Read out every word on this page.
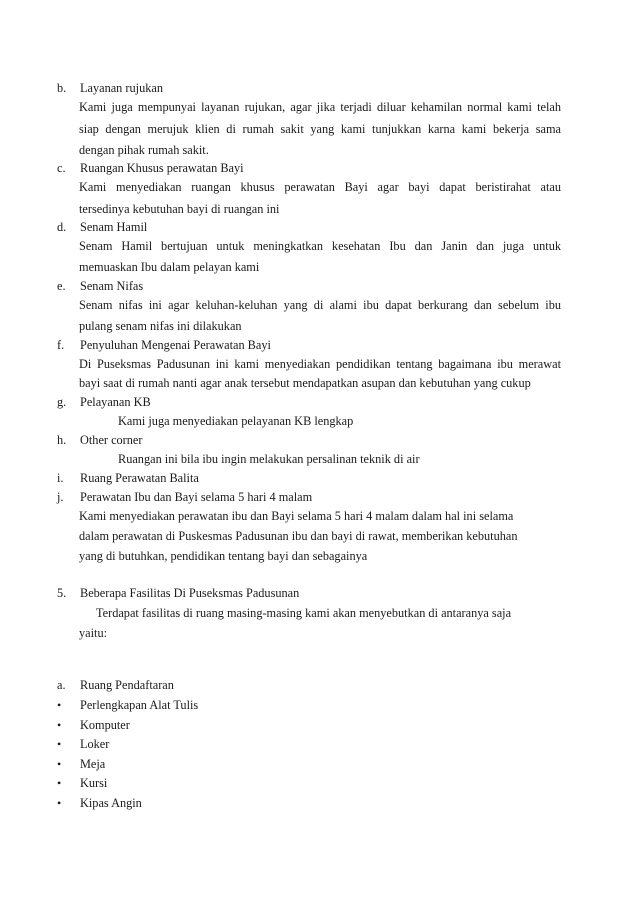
b. Layanan rujukan
Kami juga mempunyai layanan rujukan, agar jika terjadi diluar kehamilan normal kami telah
siap dengan merujuk klien di rumah sakit yang kami tunjukkan karna kami bekerja sama
dengan pihak rumah sakit.
c. Ruangan Khusus perawatan Bayi
Kami menyediakan ruangan khusus perawatan Bayi agar bayi dapat beristirahat atau
tersedinya kebutuhan bayi di ruangan ini
d. Senam Hamil
Senam Hamil bertujuan untuk meningkatkan kesehatan Ibu dan Janin dan juga untuk
memuaskan Ibu dalam pelayan kami
e. Senam Nifas
Senam nifas ini agar keluhan-keluhan yang di alami ibu dapat berkurang dan sebelum ibu
pulang senam nifas ini dilakukan
f. Penyuluhan Mengenai Perawatan Bayi
Di Puseksmas Padusunan ini kami menyediakan pendidikan tentang bagaimana ibu merawat
bayi saat di rumah nanti agar anak tersebut mendapatkan asupan dan kebutuhan yang cukup
g. Pelayanan KB
Kami juga menyediakan pelayanan KB lengkap
h. Other corner
Ruangan ini bila ibu ingin melakukan persalinan teknik di air
i. Ruang Perawatan Balita
j. Perawatan Ibu dan Bayi selama 5 hari 4 malam
Kami menyediakan perawatan ibu dan Bayi selama 5 hari 4 malam dalam hal ini selama
dalam perawatan di Puskesmas Padusunan ibu dan bayi di rawat, memberikan kebutuhan
yang di butuhkan, pendidikan tentang bayi dan sebagainya
5. Beberapa Fasilitas Di Puseksmas Padusunan
Terdapat fasilitas di ruang masing-masing kami akan menyebutkan di antaranya saja
yaitu:
a. Ruang Pendaftaran
• Perlengkapan Alat Tulis
• Komputer
• Loker
• Meja
• Kursi
• Kipas Angin
